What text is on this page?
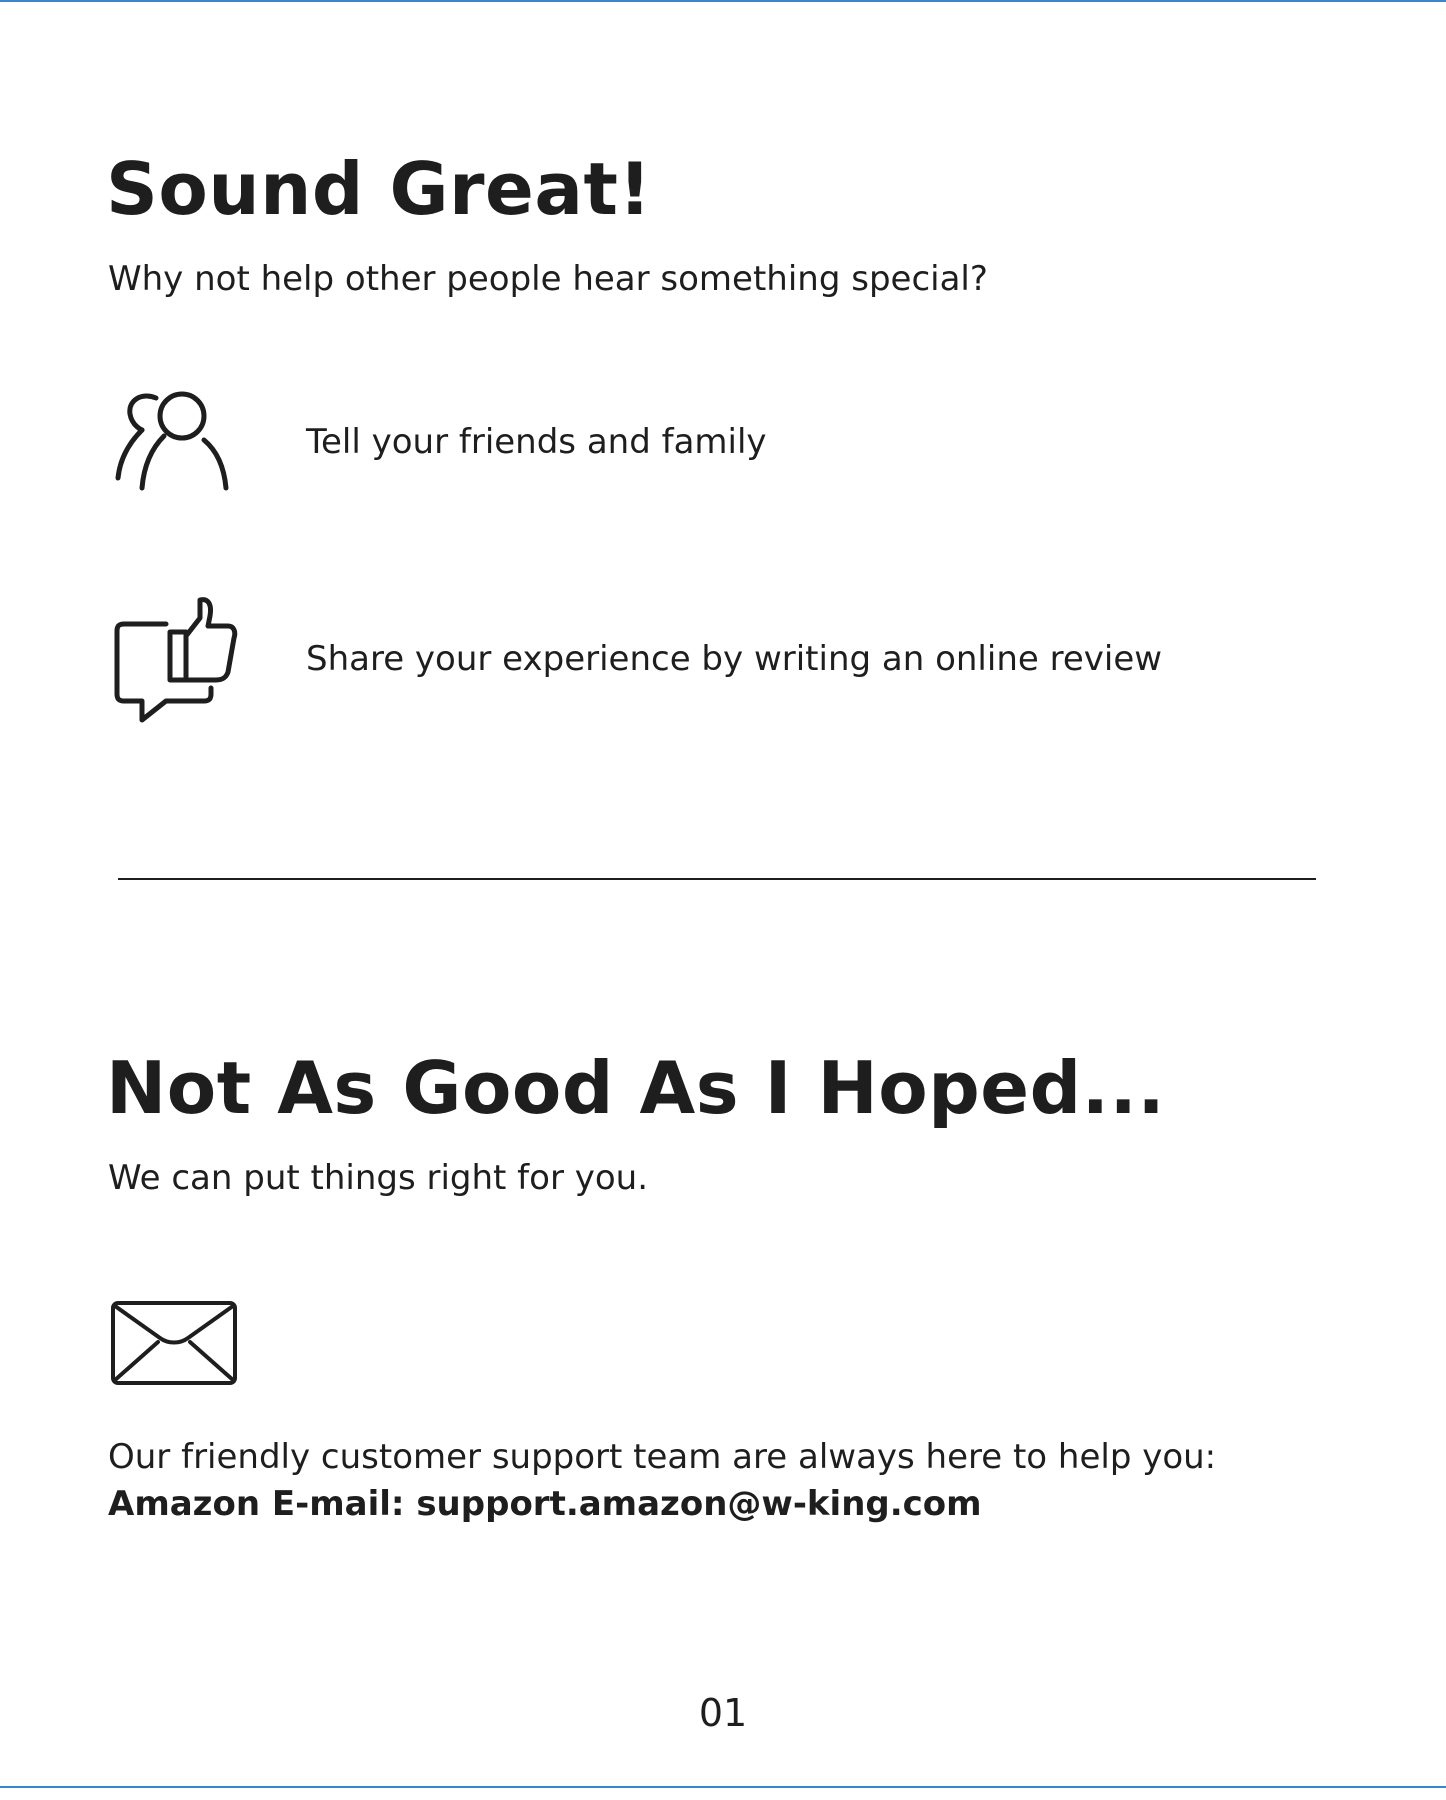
Sound Great!

Why not help other people hear something special?

Tell your friends and family
Share your experience by writing an online review
Not As Good As I Hoped...

We can put things right for you.

Our friendly customer support team are always here to help you:
Amazon E-mail: support.amazon@w-king.com
01
